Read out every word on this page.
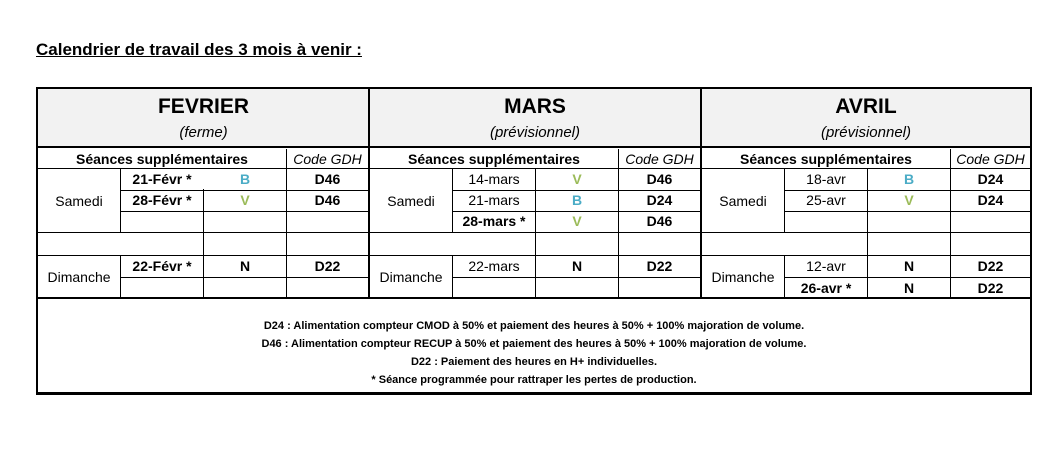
Calendrier de travail des 3 mois à venir :
FEVRIER
(ferme)
MARS
(prévisionnel)
AVRIL
(prévisionnel)
Séances supplémentaires	Code GDH	Séances supplémentaires	Code GDH	Séances supplémentaires	Code GDH
Samedi
21-Févr *	B	D46
28-Févr *	V	D46
Dimanche
22-Févr *	N	D22
Samedi
14-mars	V	D46
21-mars	B	D24
28-mars *	V	D46
Dimanche
22-mars	N	D22
Samedi
18-avr	B	D24
25-avr	V	D24
Dimanche
12-avr	N	D22
26-avr *	N	D22
D24 : Alimentation compteur CMOD à 50% et paiement des heures à 50% + 100% majoration de volume.
D46 : Alimentation compteur RECUP à 50% et paiement des heures à 50% + 100% majoration de volume.
D22 : Paiement des heures en H+ individuelles.
* Séance programmée pour rattraper les pertes de production.
